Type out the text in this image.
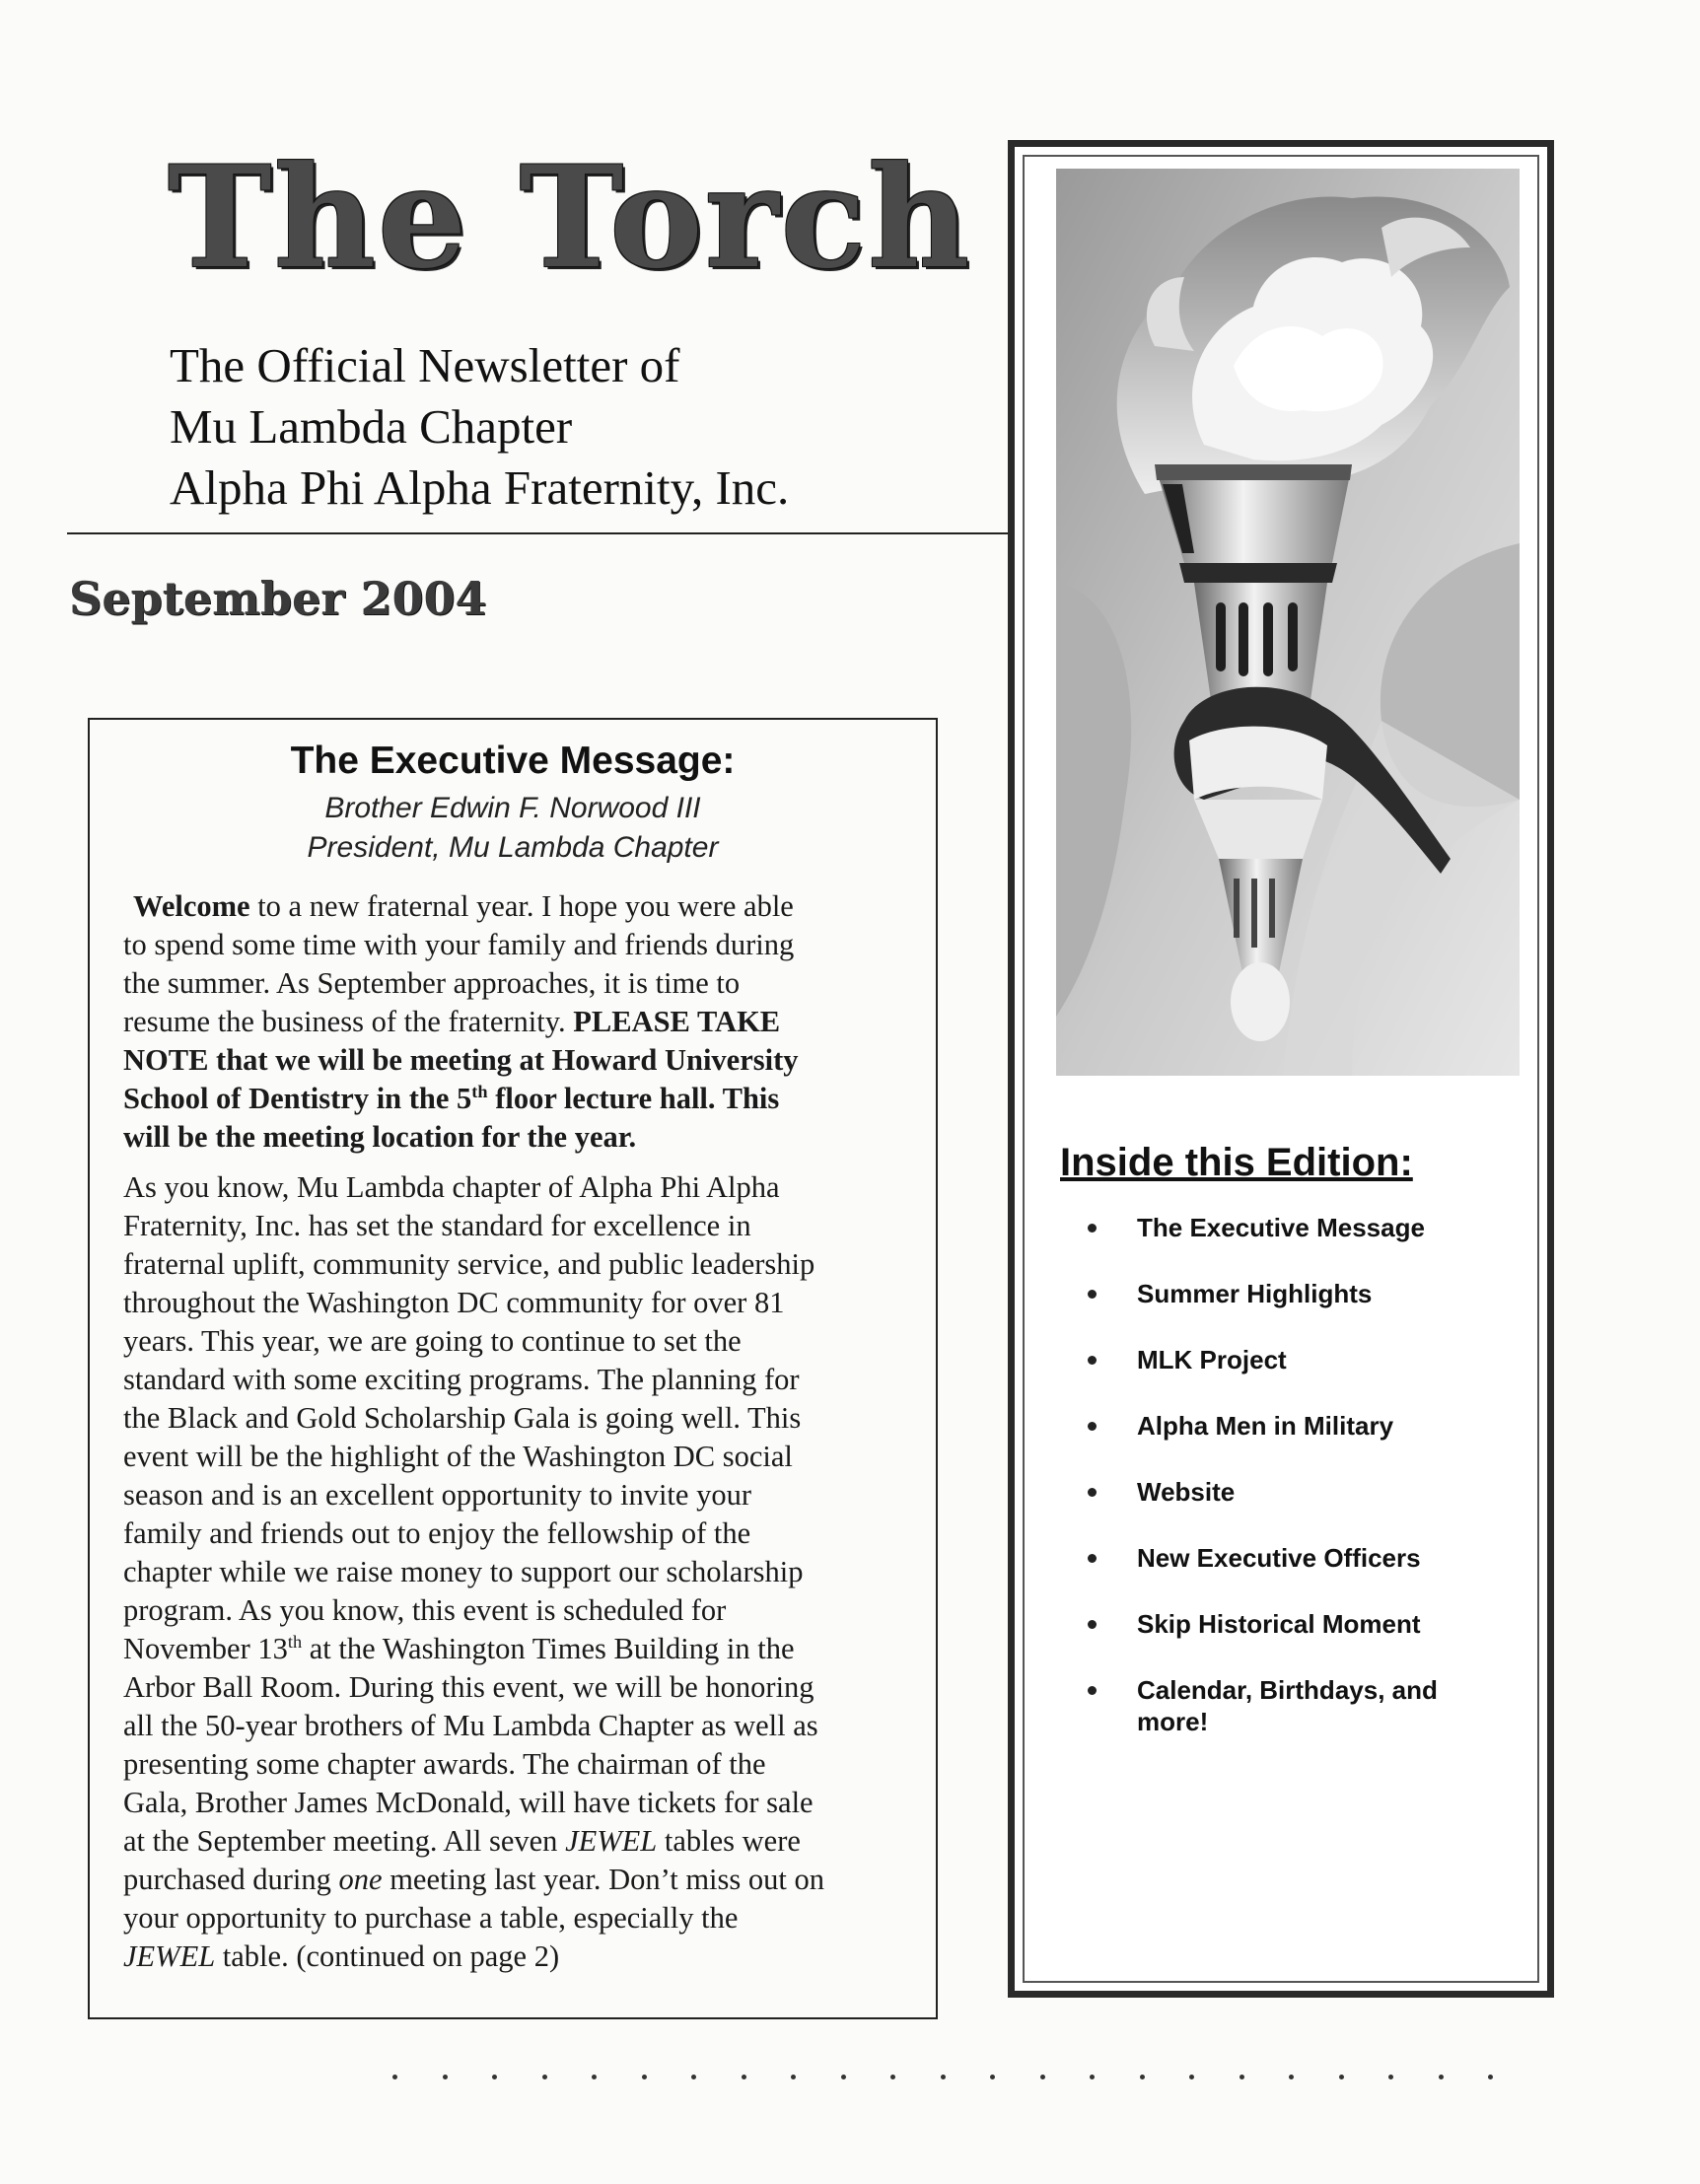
The Torch
The Official Newsletter of
Mu Lambda Chapter
Alpha Phi Alpha Fraternity, Inc.
September 2004
The Executive Message:
Brother Edwin F. Norwood III
President, Mu Lambda Chapter

Welcome to a new fraternal year. I hope you were able
to spend some time with your family and friends during
the summer. As September approaches, it is time to
resume the business of the fraternity. PLEASE TAKE
NOTE that we will be meeting at Howard University
School of Dentistry in the 5th floor lecture hall. This
will be the meeting location for the year.

As you know, Mu Lambda chapter of Alpha Phi Alpha
Fraternity, Inc. has set the standard for excellence in
fraternal uplift, community service, and public leadership
throughout the Washington DC community for over 81
years. This year, we are going to continue to set the
standard with some exciting programs. The planning for
the Black and Gold Scholarship Gala is going well. This
event will be the highlight of the Washington DC social
season and is an excellent opportunity to invite your
family and friends out to enjoy the fellowship of the
chapter while we raise money to support our scholarship
program. As you know, this event is scheduled for
November 13th at the Washington Times Building in the
Arbor Ball Room. During this event, we will be honoring
all the 50-year brothers of Mu Lambda Chapter as well as
presenting some chapter awards. The chairman of the
Gala, Brother James McDonald, will have tickets for sale
at the September meeting. All seven JEWEL tables were
purchased during one meeting last year. Don’t miss out on
your opportunity to purchase a table, especially the
JEWEL table. (continued on page 2)

Inside this Edition:
The Executive Message
Summer Highlights
MLK Project
Alpha Men in Military
Website
New Executive Officers
Skip Historical Moment
Calendar, Birthdays, and more!
